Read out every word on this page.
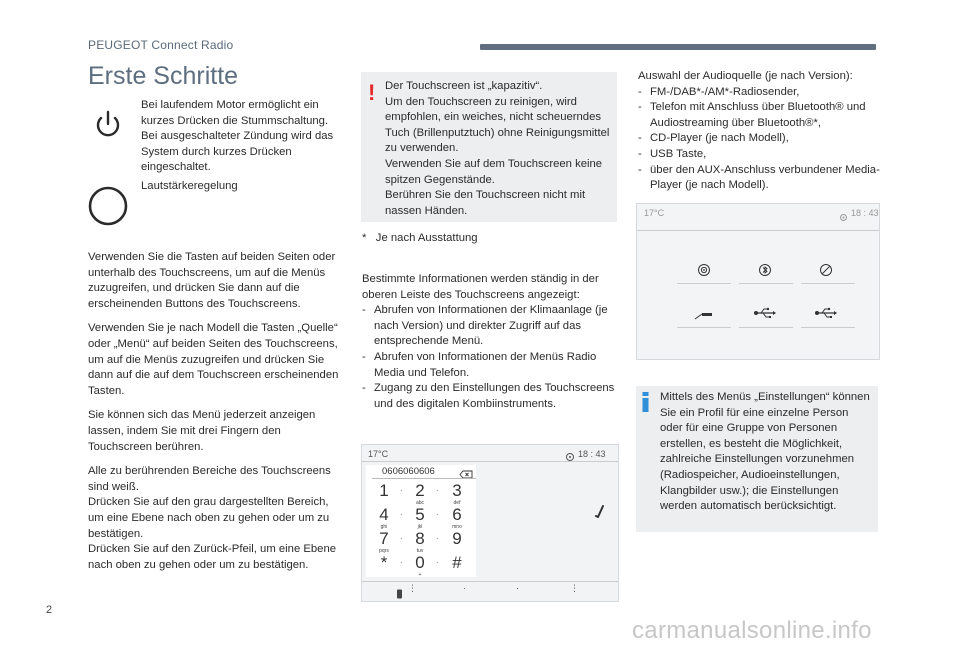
PEUGEOT Connect Radio
Erste Schritte
Bei laufendem Motor ermöglicht ein kurzes Drücken die Stummschaltung. Bei ausgeschalteter Zündung wird das System durch kurzes Drücken eingeschaltet.
Lautstärkeregelung

Verwenden Sie die Tasten auf beiden Seiten oder unterhalb des Touchscreens, um auf die Menüs zuzugreifen, und drücken Sie dann auf die erscheinenden Buttons des Touchscreens.

Verwenden Sie je nach Modell die Tasten „Quelle“ oder „Menü“ auf beiden Seiten des Touchscreens, um auf die Menüs zuzugreifen und drücken Sie dann auf die auf dem Touchscreen erscheinenden Tasten.

Sie können sich das Menü jederzeit anzeigen lassen, indem Sie mit drei Fingern den Touchscreen berühren.

Alle zu berührenden Bereiche des Touchscreens sind weiß.
Drücken Sie auf den grau dargestellten Bereich, um eine Ebene nach oben zu gehen oder um zu bestätigen.
Drücken Sie auf den Zurück-Pfeil, um eine Ebene nach oben zu gehen oder um zu bestätigen.

! Der Touchscreen ist „kapazitiv“.
Um den Touchscreen zu reinigen, wird empfohlen, ein weiches, nicht scheuerndes Tuch (Brillenputztuch) ohne Reinigungsmittel zu verwenden.
Verwenden Sie auf dem Touchscreen keine spitzen Gegenstände.
Berühren Sie den Touchscreen nicht mit nassen Händen.
*   Je nach Ausstattung
Bestimmte Informationen werden ständig in der oberen Leiste des Touchscreens angezeigt:
- Abrufen von Informationen der Klimaanlage (je nach Version) und direkter Zugriff auf das entsprechende Menü.
- Abrufen von Informationen der Menüs Radio Media und Telefon.
- Zugang zu den Einstellungen des Touchscreens und des digitalen Kombiinstruments.
17°C	18 : 43
0606060606
1	· 2
abc
· 3
def
4
ghi
· 5
jkl
· 6
mno
7
pqrs
· 8
tuv
· 9
*	· 0
+
· #
⋮	·	·	⋮
Auswahl der Audioquelle (je nach Version):
- FM-/DAB*-/AM*-Radiosender,
- Telefon mit Anschluss über Bluetooth® und Audiostreaming über Bluetooth®*,
- CD-Player (je nach Modell),
- USB Taste,
- über den AUX-Anschluss verbundener Media-Player (je nach Modell).
17°C	18 : 43
Mittels des Menüs „Einstellungen“ können Sie ein Profil für eine einzelne Person oder für eine Gruppe von Personen erstellen, es besteht die Möglichkeit, zahlreiche Einstellungen vorzunehmen (Radiospeicher, Audioeinstellungen, Klangbilder usw.); die Einstellungen werden automatisch berücksichtigt.
2
carmanualsonline.info
